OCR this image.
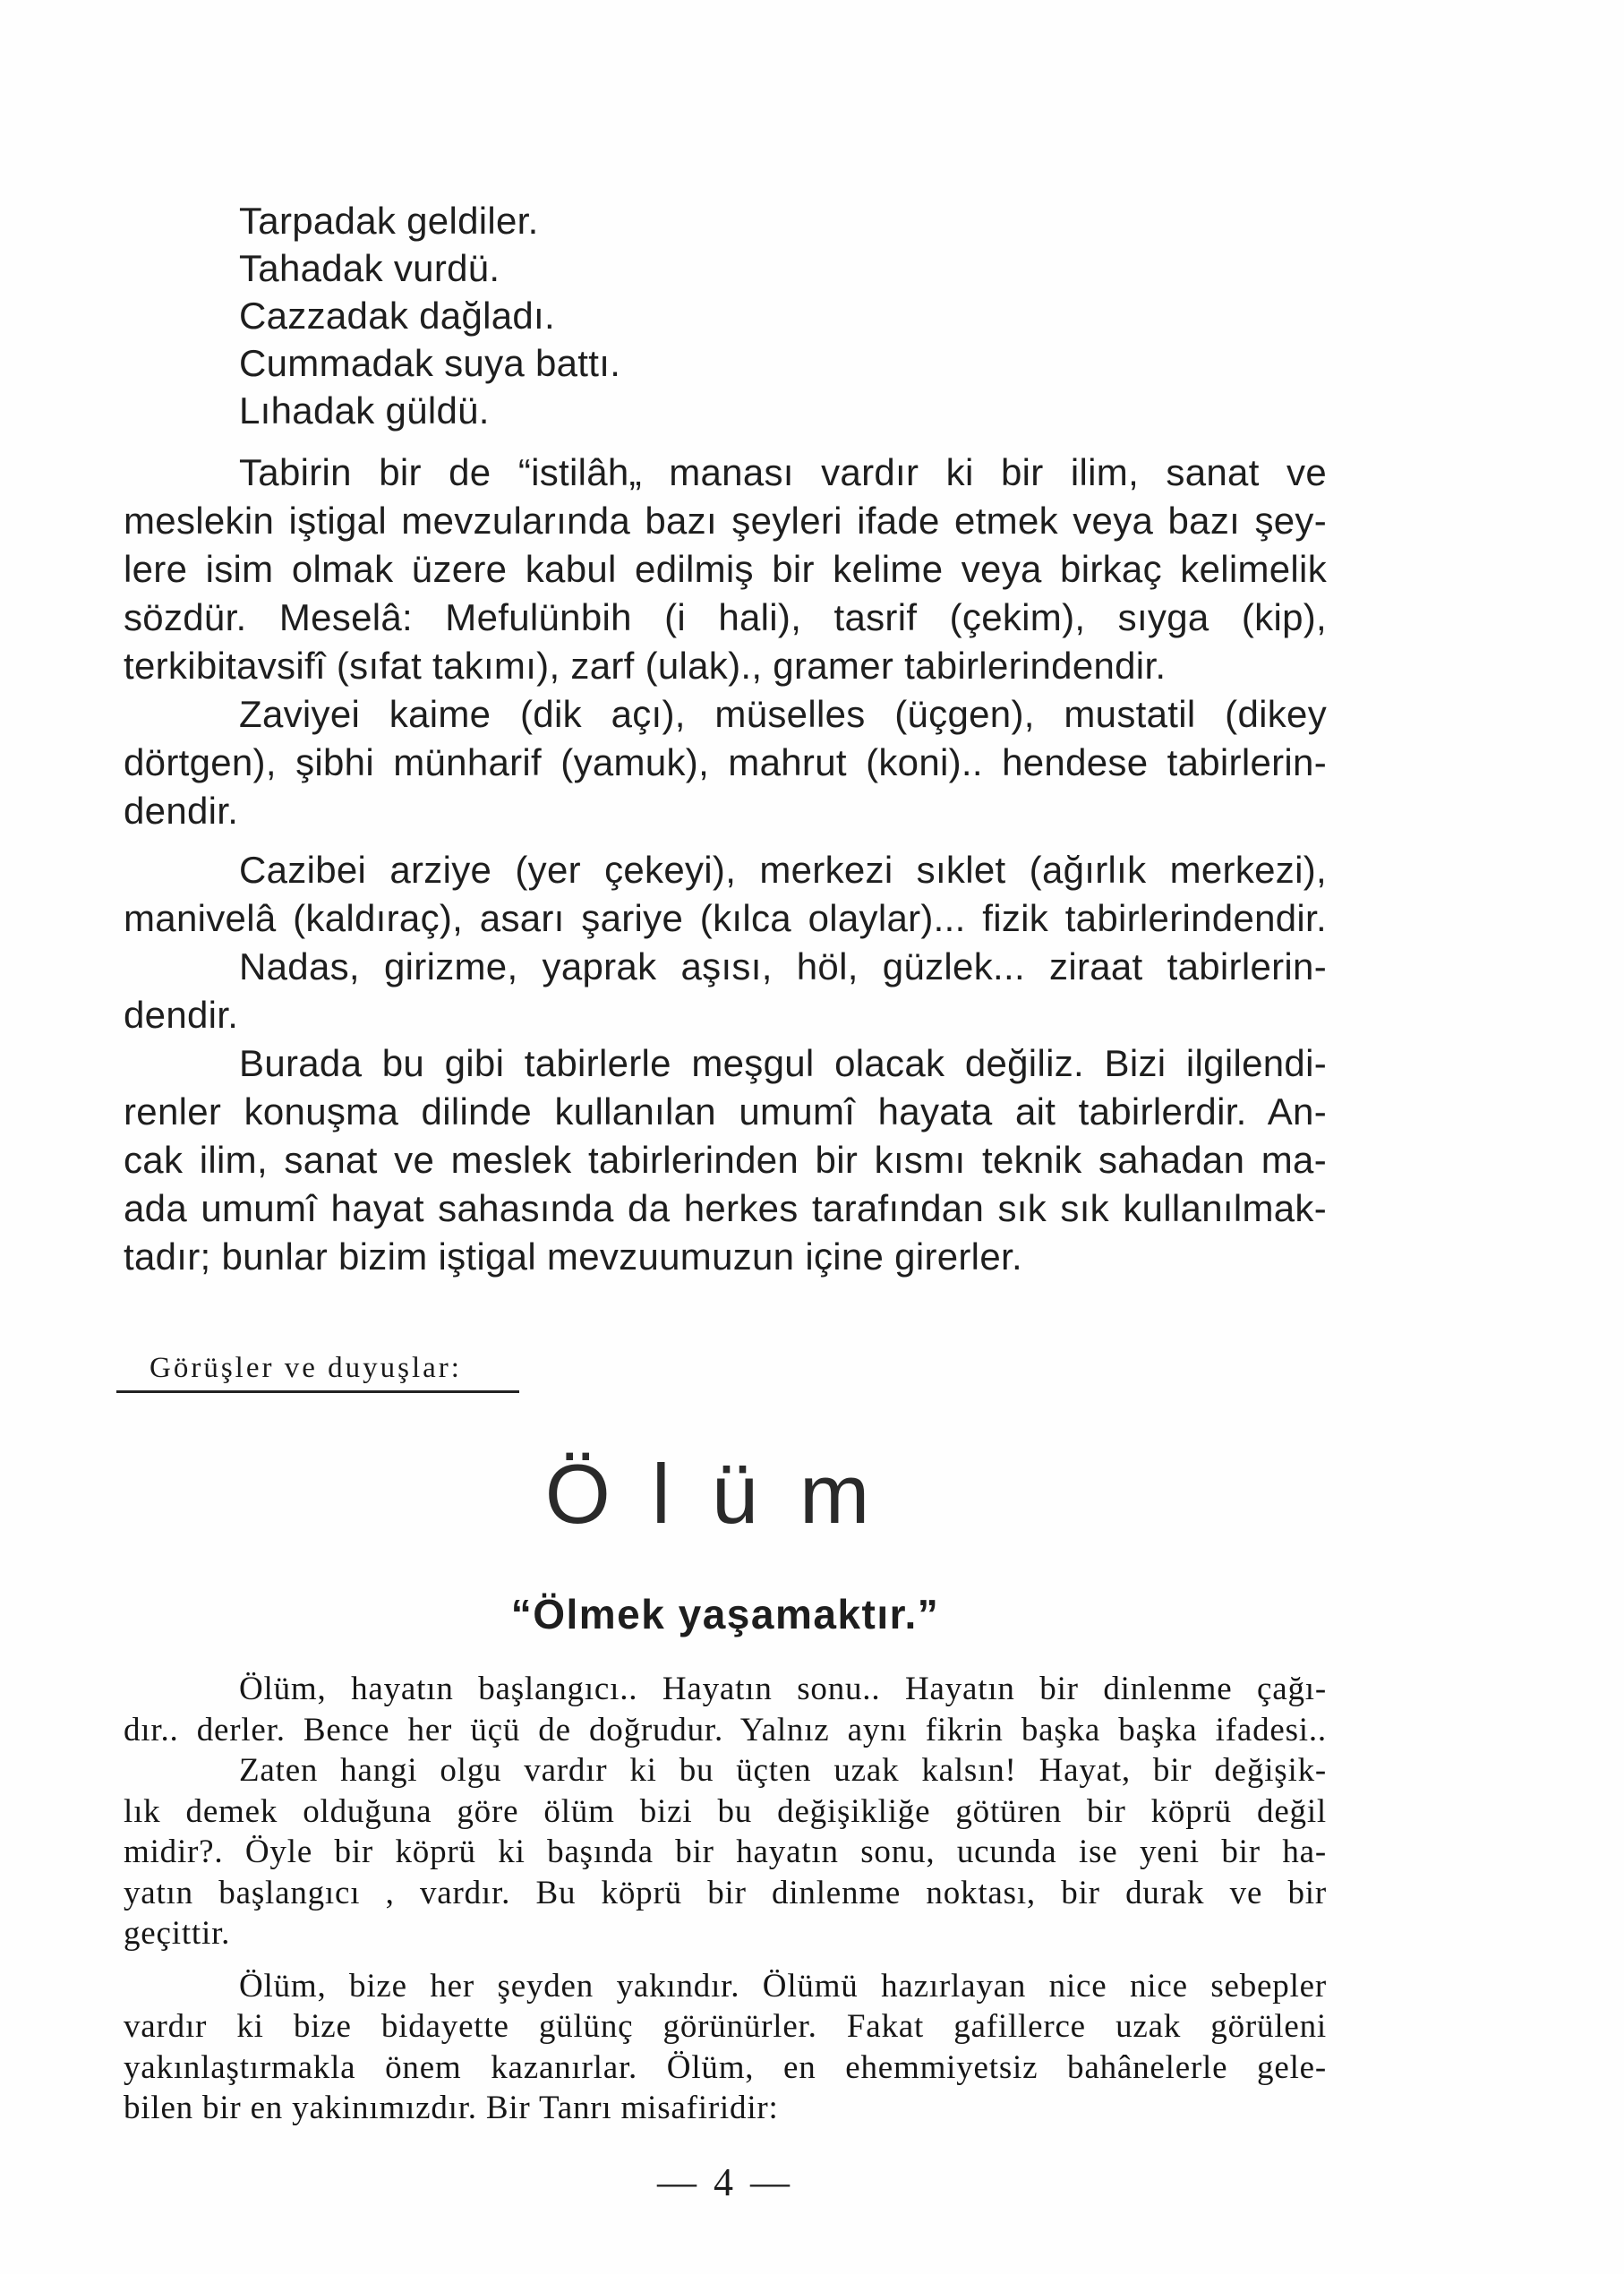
Tarpadak geldiler.
Tahadak vurdü.
Cazzadak dağladı.
Cummadak suya battı.
Lıhadak güldü.
Tabirin bir de “istilâh„ manası vardır ki bir ilim, sanat ve
meslekin iştigal mevzularında bazı şeyleri ifade etmek veya bazı şey-
lere isim olmak üzere kabul edilmiş bir kelime veya birkaç kelimelik
sözdür. Meselâ: Mefulünbih (i hali), tasrif (çekim), sıyga (kip),
terkibitavsifî (sıfat takımı), zarf (ulak)., gramer tabirlerindendir.
Zaviyei kaime (dik açı), müselles (üçgen), mustatil (dikey
dörtgen), şibhi münharif (yamuk), mahrut (koni).. hendese tabirlerin-
dendir.
Cazibei arziye (yer çekeyi), merkezi sıklet (ağırlık merkezi),
manivelâ (kaldıraç), asarı şariye (kılca olaylar)... fizik tabirlerindendir.
Nadas, girizme, yaprak aşısı, höl, güzlek... ziraat tabirlerin-
dendir.
Burada bu gibi tabirlerle meşgul olacak değiliz. Bizi ilgilendi-
renler konuşma dilinde kullanılan umumî hayata ait tabirlerdir. An-
cak ilim, sanat ve meslek tabirlerinden bir kısmı teknik sahadan ma-
ada umumî hayat sahasında da herkes tarafından sık sık kullanılmak-
tadır; bunlar bizim iştigal mevzuumuzun içine girerler.
Görüşler ve duyuşlar:
Ölüm
“Ölmek yaşamaktır.”
Ölüm, hayatın başlangıcı.. Hayatın sonu.. Hayatın bir dinlenme çağı-
dır.. derler. Bence her üçü de doğrudur. Yalnız aynı fikrin başka başka ifadesi..
Zaten hangi olgu vardır ki bu üçten uzak kalsın! Hayat, bir değişik-
lık demek olduğuna göre ölüm bizi bu değişikliğe götüren bir köprü değil
midir?. Öyle bir köprü ki başında bir hayatın sonu, ucunda ise yeni bir ha-
yatın başlangıcı , vardır. Bu köprü bir dinlenme noktası, bir durak ve bir
geçittir.
Ölüm, bize her şeyden yakındır. Ölümü hazırlayan nice nice sebepler
vardır ki bize bidayette gülünç görünürler. Fakat gafillerce uzak görüleni
yakınlaştırmakla önem kazanırlar. Ölüm, en ehemmiyetsiz bahânelerle gele-
bilen bir en yakinımızdır. Bir Tanrı misafiridir:
— 4 —
